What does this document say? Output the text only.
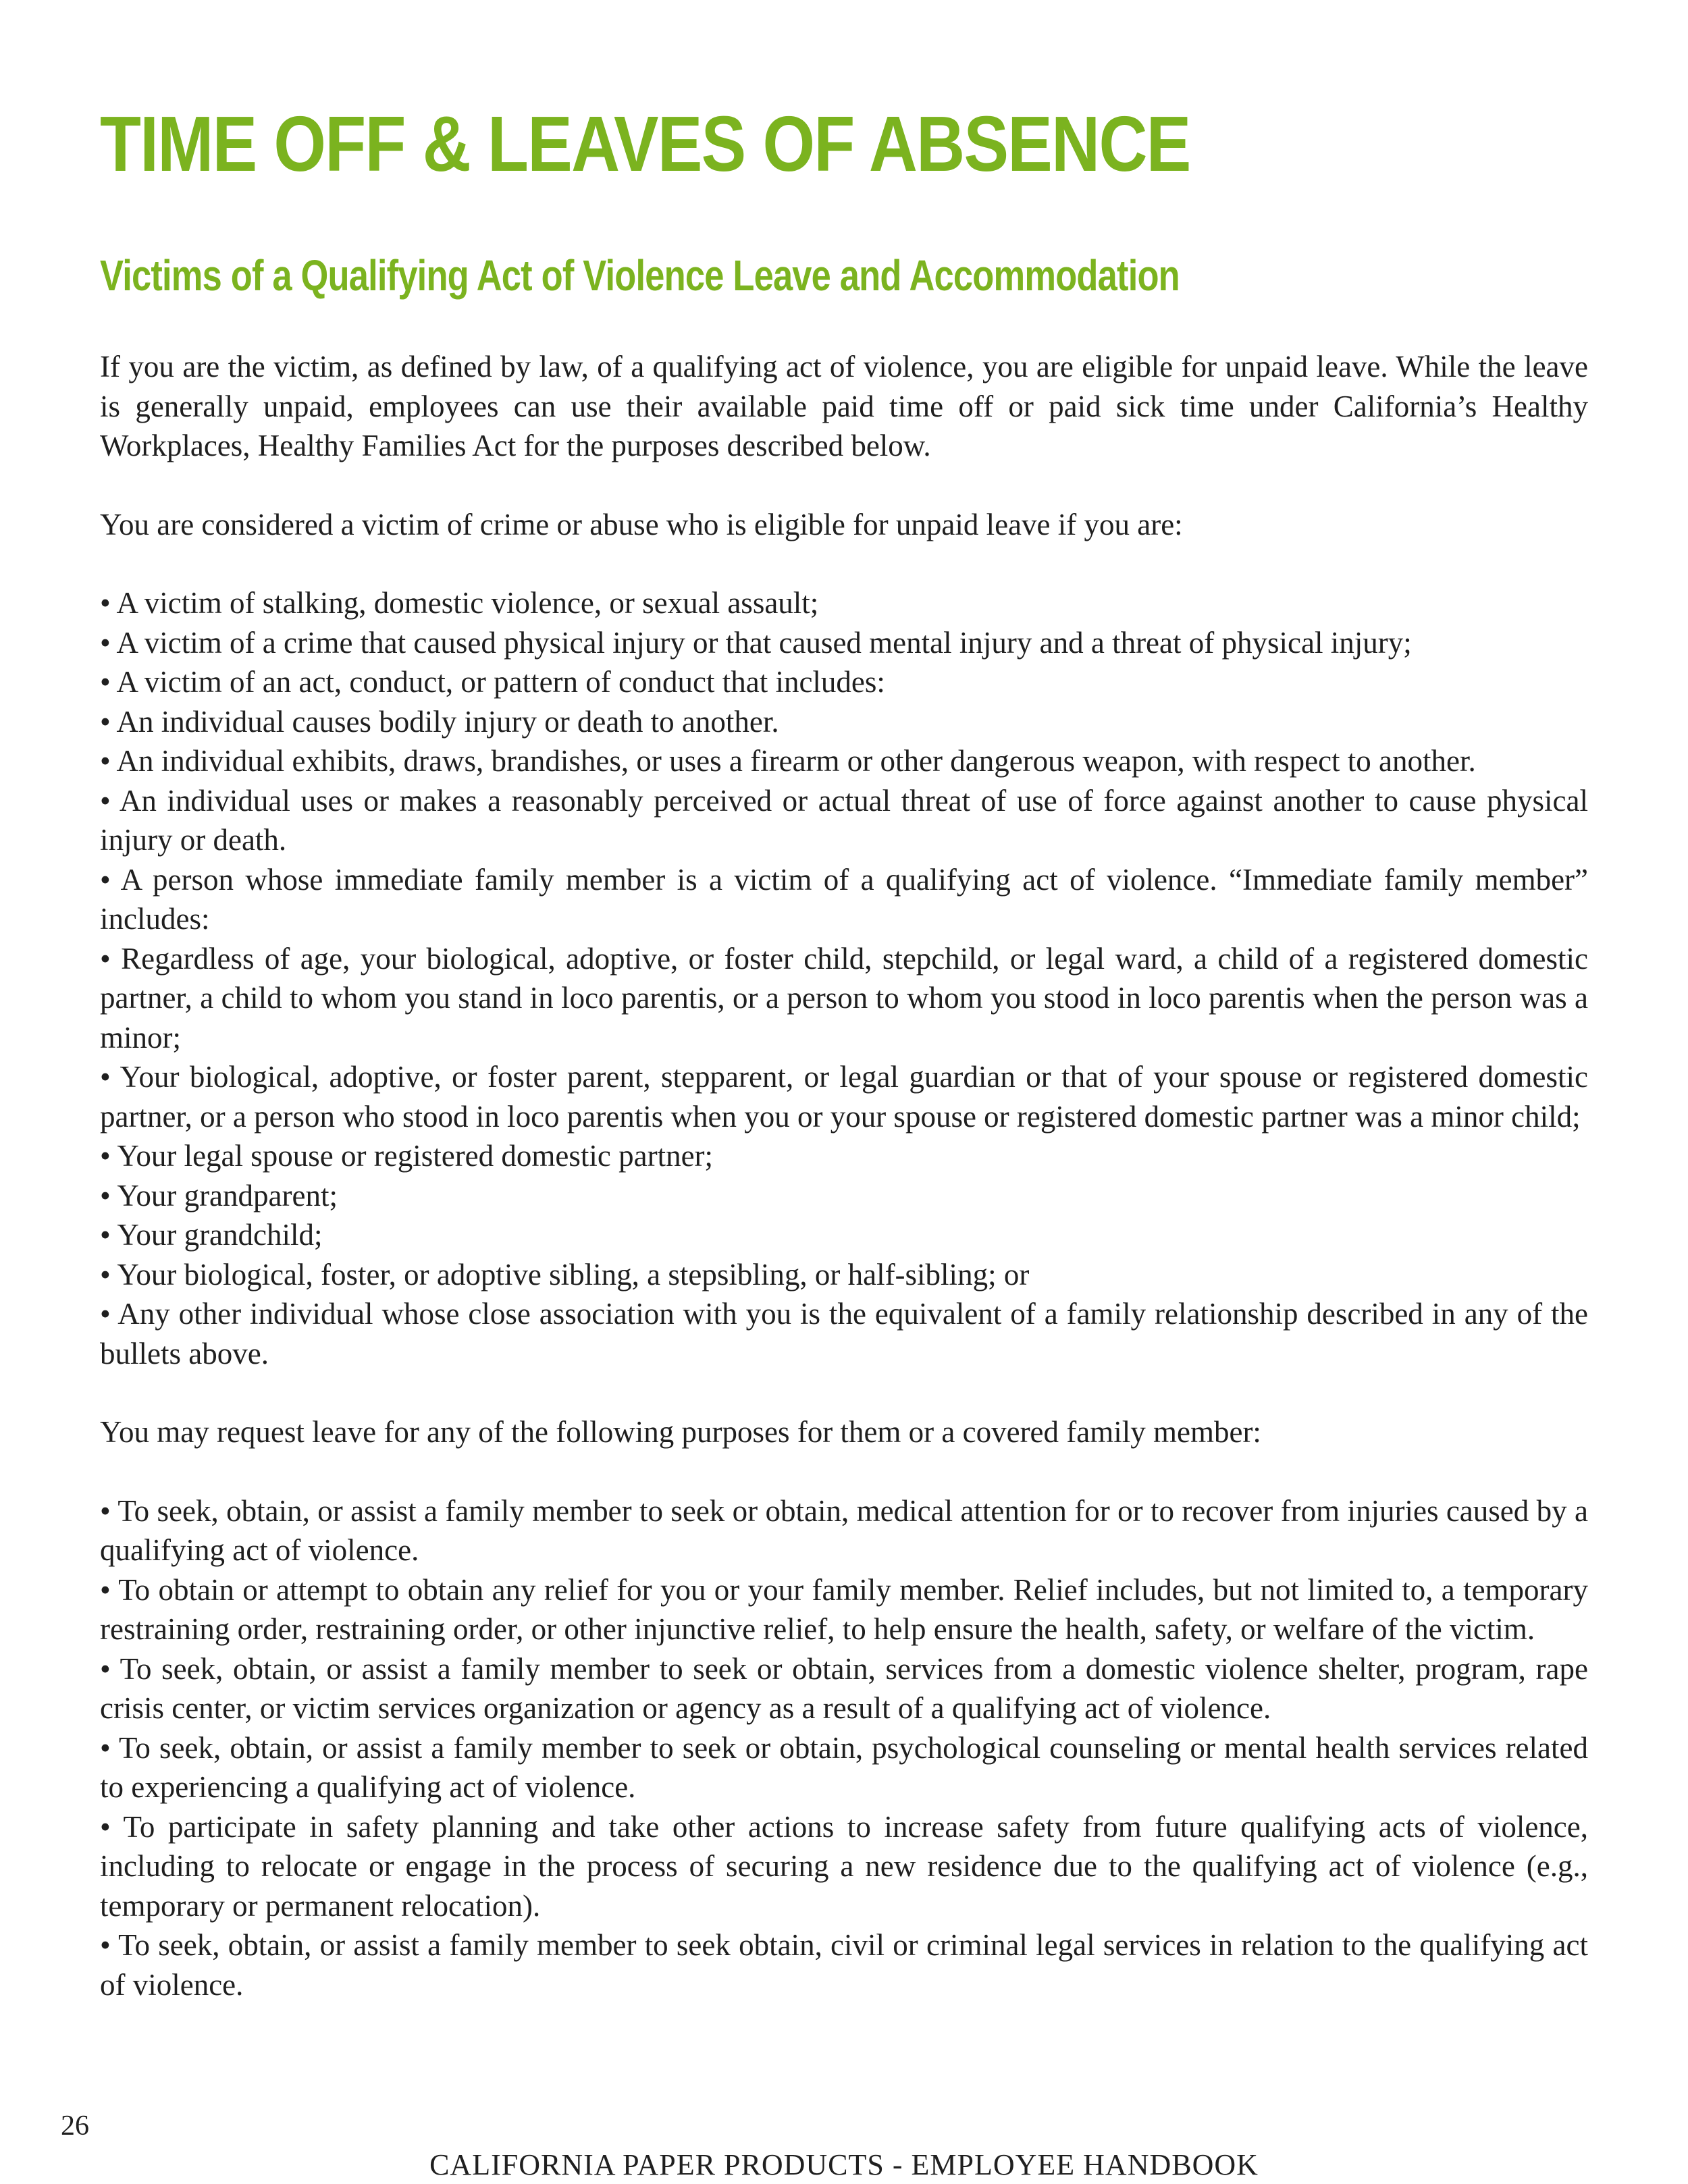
TIME OFF & LEAVES OF ABSENCE
Victims of a Qualifying Act of Violence Leave and Accommodation

If you are the victim, as defined by law, of a qualifying act of violence, you are eligible for unpaid leave. While the leave is generally unpaid, employees can use their available paid time off or paid sick time under California’s Healthy Workplaces, Healthy Families Act for the purposes described below.

You are considered a victim of crime or abuse who is eligible for unpaid leave if you are:

• A victim of stalking, domestic violence, or sexual assault;
• A victim of a crime that caused physical injury or that caused mental injury and a threat of physical injury;
• A victim of an act, conduct, or pattern of conduct that includes:
• An individual causes bodily injury or death to another.
• An individual exhibits, draws, brandishes, or uses a firearm or other dangerous weapon, with respect to another.
• An individual uses or makes a reasonably perceived or actual threat of use of force against another to cause physical injury or death.
• A person whose immediate family member is a victim of a qualifying act of violence. “Immediate family member” includes:
• Regardless of age, your biological, adoptive, or foster child, stepchild, or legal ward, a child of a registered domestic partner, a child to whom you stand in loco parentis, or a person to whom you stood in loco parentis when the person was a minor;
• Your biological, adoptive, or foster parent, stepparent, or legal guardian or that of your spouse or registered domestic partner, or a person who stood in loco parentis when you or your spouse or registered domestic partner was a minor child;
• Your legal spouse or registered domestic partner;
• Your grandparent;
• Your grandchild;
• Your biological, foster, or adoptive sibling, a stepsibling, or half-sibling; or
• Any other individual whose close association with you is the equivalent of a family relationship described in any of the bullets above.

You may request leave for any of the following purposes for them or a covered family member:

• To seek, obtain, or assist a family member to seek or obtain, medical attention for or to recover from injuries caused by a qualifying act of violence.
• To obtain or attempt to obtain any relief for you or your family member. Relief includes, but not limited to, a temporary restraining order, restraining order, or other injunctive relief, to help ensure the health, safety, or welfare of the victim.
• To seek, obtain, or assist a family member to seek or obtain, services from a domestic violence shelter, program, rape crisis center, or victim services organization or agency as a result of a qualifying act of violence.
• To seek, obtain, or assist a family member to seek or obtain, psychological counseling or mental health services related to experiencing a qualifying act of violence.
• To participate in safety planning and take other actions to increase safety from future qualifying acts of violence, including to relocate or engage in the process of securing a new residence due to the qualifying act of violence (e.g., temporary or permanent relocation).
• To seek, obtain, or assist a family member to seek obtain, civil or criminal legal services in relation to the qualifying act of violence.
26
CALIFORNIA PAPER PRODUCTS - EMPLOYEE HANDBOOK
